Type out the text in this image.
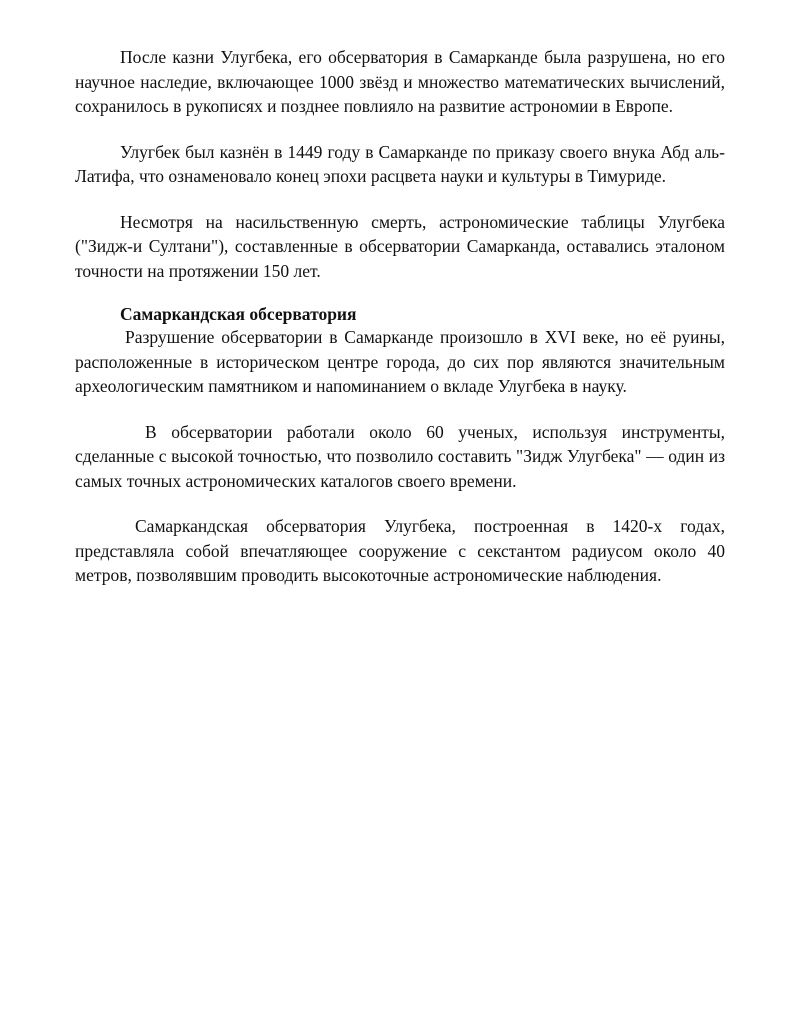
После казни Улугбека, его обсерватория в Самарканде была разрушена, но его научное наследие, включающее 1000 звёзд и множество математических вычислений, сохранилось в рукописях и позднее повлияло на развитие астрономии в Европе.

Улугбек был казнён в 1449 году в Самарканде по приказу своего внука Абд аль-Латифа, что ознаменовало конец эпохи расцвета науки и культуры в Тимуриде.

Несмотря на насильственную смерть, астрономические таблицы Улугбека ("Зидж-и Султани"), составленные в обсерватории Самарканда, оставались эталоном точности на протяжении 150 лет.

Самаркандская обсерватория

Разрушение обсерватории в Самарканде произошло в XVI веке, но её руины, расположенные в историческом центре города, до сих пор являются значительным археологическим памятником и напоминанием о вкладе Улугбека в науку.

В обсерватории работали около 60 ученых, используя инструменты, сделанные с высокой точностью, что позволило составить "Зидж Улугбека" — один из самых точных астрономических каталогов своего времени.

Самаркандская обсерватория Улугбека, построенная в 1420-х годах, представляла собой впечатляющее сооружение с секстантом радиусом около 40 метров, позволявшим проводить высокоточные астрономические наблюдения.
